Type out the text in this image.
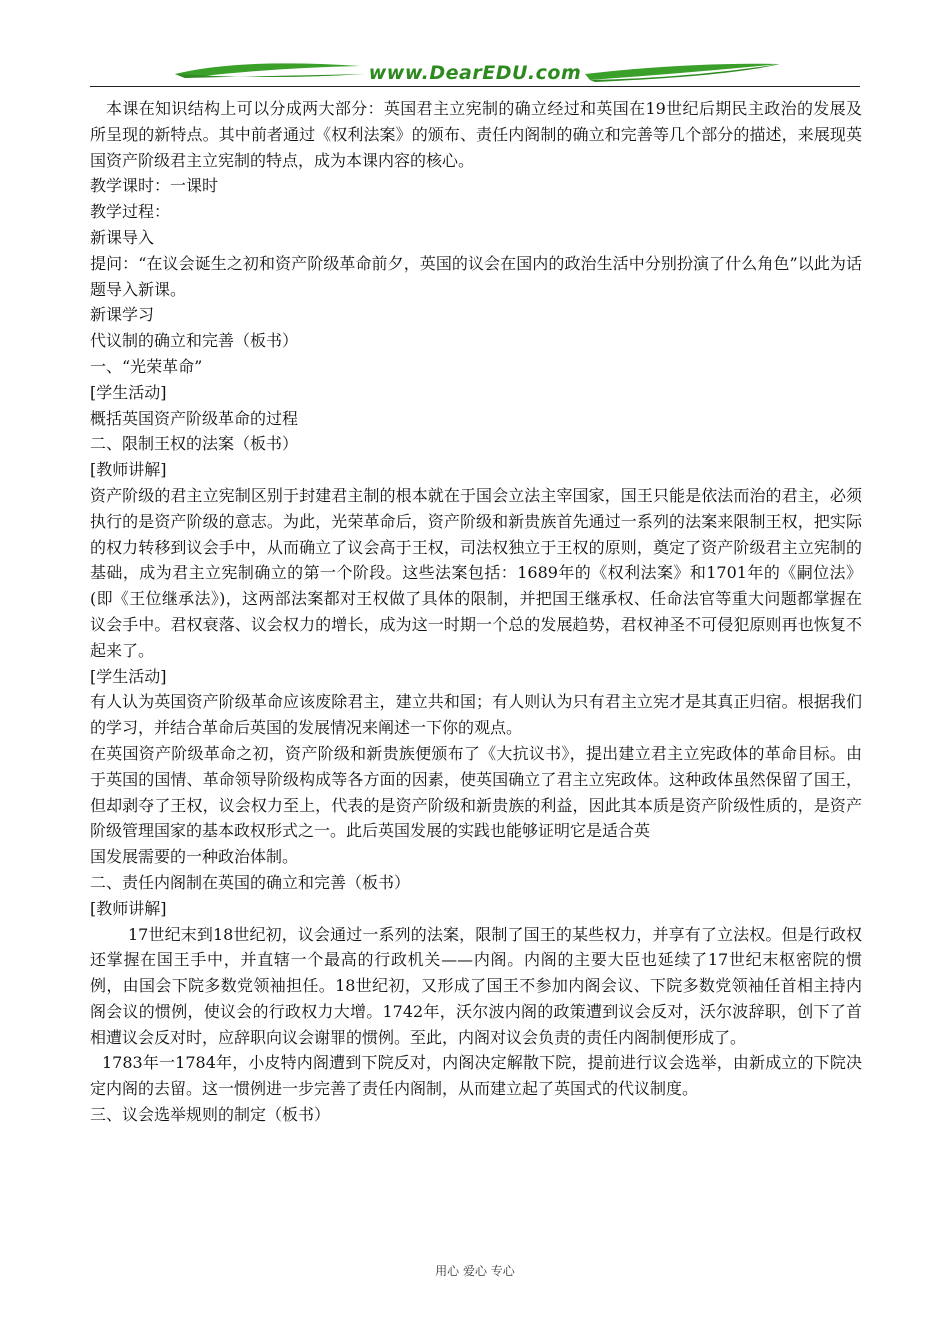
www.DearEDU.com

本课在知识结构上可以分成两大部分：英国君主立宪制的确立经过和英国在19世纪后期民主政治的发展及所呈现的新特点。其中前者通过《权利法案》的颁布、责任内阁制的确立和完善等几个部分的描述，来展现英国资产阶级君主立宪制的特点，成为本课内容的核心。

教学课时：一课时

教学过程：

新课导入

提问：“在议会诞生之初和资产阶级革命前夕，英国的议会在国内的政治生活中分别扮演了什么角色”以此为话题导入新课。

新课学习

代议制的确立和完善（板书）

一、“光荣革命”

[学生活动]

概括英国资产阶级革命的过程

二、限制王权的法案（板书）

[教师讲解]

资产阶级的君主立宪制区别于封建君主制的根本就在于国会立法主宰国家，国王只能是依法而治的君主，必须执行的是资产阶级的意志。为此，光荣革命后，资产阶级和新贵族首先通过一系列的法案来限制王权，把实际的权力转移到议会手中，从而确立了议会高于王权，司法权独立于王权的原则，奠定了资产阶级君主立宪制的基础，成为君主立宪制确立的第一个阶段。这些法案包括：1689年的《权利法案》和1701年的《嗣位法》(即《王位继承法》)，这两部法案都对王权做了具体的限制，并把国王继承权、任命法官等重大问题都掌握在议会手中。君权衰落、议会权力的增长，成为这一时期一个总的发展趋势，君权神圣不可侵犯原则再也恢复不起来了。

[学生活动]

有人认为英国资产阶级革命应该废除君主，建立共和国；有人则认为只有君主立宪才是其真正归宿。根据我们的学习，并结合革命后英国的发展情况来阐述一下你的观点。

在英国资产阶级革命之初，资产阶级和新贵族便颁布了《大抗议书》，提出建立君主立宪政体的革命目标。由于英国的国情、革命领导阶级构成等各方面的因素，使英国确立了君主立宪政体。这种政体虽然保留了国王，但却剥夺了王权，议会权力至上，代表的是资产阶级和新贵族的利益，因此其本质是资产阶级性质的，是资产阶级管理国家的基本政权形式之一。此后英国发展的实践也能够证明它是适合英

国发展需要的一种政治体制。

二、责任内阁制在英国的确立和完善（板书）

[教师讲解]

17世纪末到18世纪初，议会通过一系列的法案，限制了国王的某些权力，并享有了立法权。但是行政权还掌握在国王手中，并直辖一个最高的行政机关——内阁。内阁的主要大臣也延续了17世纪末枢密院的惯例，由国会下院多数党领袖担任。18世纪初，又形成了国王不参加内阁会议、下院多数党领袖任首相主持内阁会议的惯例，使议会的行政权力大增。1742年，沃尔波内阁的政策遭到议会反对，沃尔波辞职，创下了首相遭议会反对时，应辞职向议会谢罪的惯例。至此，内阁对议会负责的责任内阁制便形成了。

1783年一1784年，小皮特内阁遭到下院反对，内阁决定解散下院，提前进行议会选举，由新成立的下院决定内阁的去留。这一惯例进一步完善了责任内阁制，从而建立起了英国式的代议制度。

三、议会选举规则的制定（板书）

用心 爱心 专心
